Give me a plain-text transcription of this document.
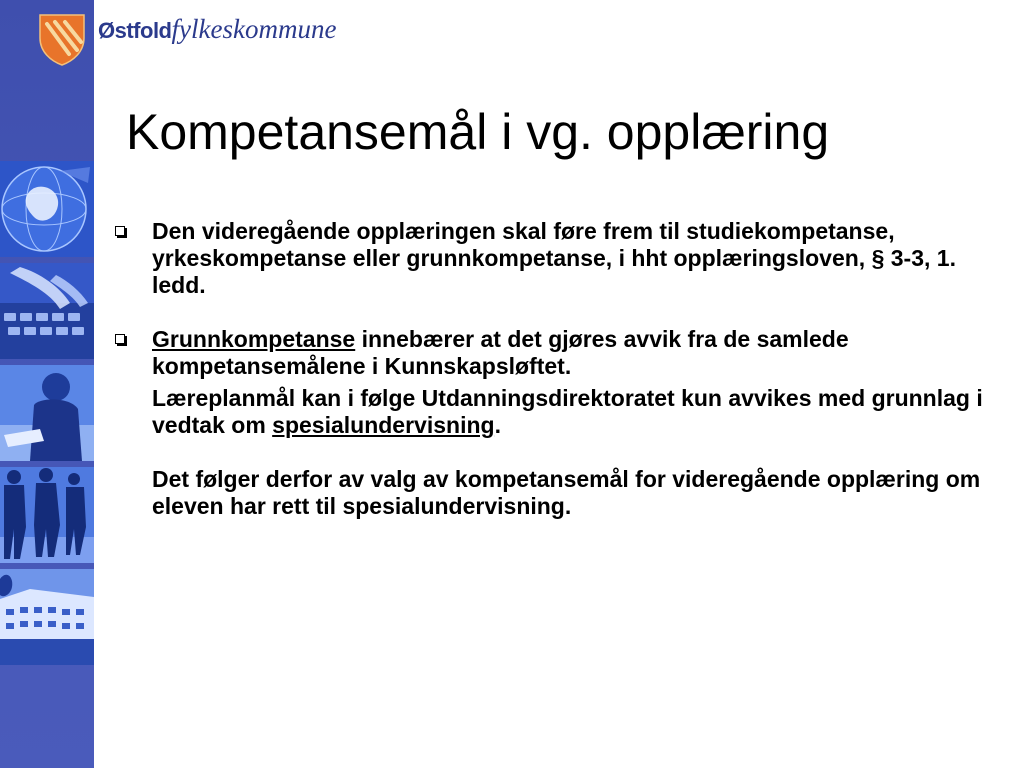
Østfoldfylkeskommune
Kompetansemål i vg. opplæring
Den videregående opplæringen skal føre frem til studiekompetanse, yrkeskompetanse eller grunnkompetanse, i hht opplæringsloven, § 3-3, 1. ledd.
Grunnkompetanse innebærer at det gjøres avvik fra de samlede kompetansemålene i Kunnskapsløftet.
Læreplanmål kan i følge Utdanningsdirektoratet kun avvikes med grunnlag i vedtak om spesialundervisning.
Det følger derfor av valg av kompetansemål for videregående opplæring om eleven har rett til spesialundervisning.
